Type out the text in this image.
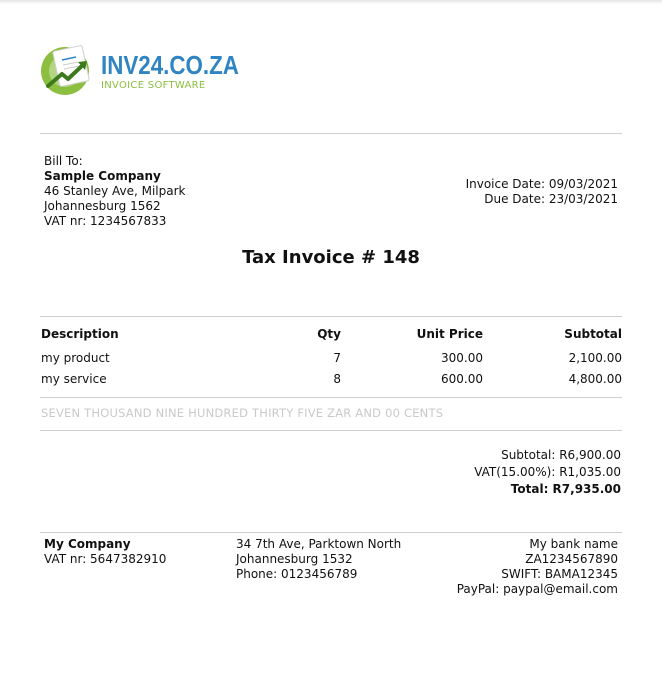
INV24.CO.ZA
INVOICE SOFTWARE
Bill To:
Sample Company
46 Stanley Ave, Milpark
Johannesburg 1562
VAT nr: 1234567833
Invoice Date: 09/03/2021
Due Date: 23/03/2021
Tax Invoice # 148
Description	Qty	Unit Price	Subtotal
my product	7	300.00	2,100.00
my service	8	600.00	4,800.00
SEVEN THOUSAND NINE HUNDRED THIRTY FIVE ZAR AND 00 CENTS
Subtotal: R6,900.00
VAT(15.00%): R1,035.00
Total: R7,935.00
My Company
VAT nr: 5647382910
34 7th Ave, Parktown North
Johannesburg 1532
Phone: 0123456789
My bank name
ZA1234567890
SWIFT: BAMA12345
PayPal: paypal@email.com
